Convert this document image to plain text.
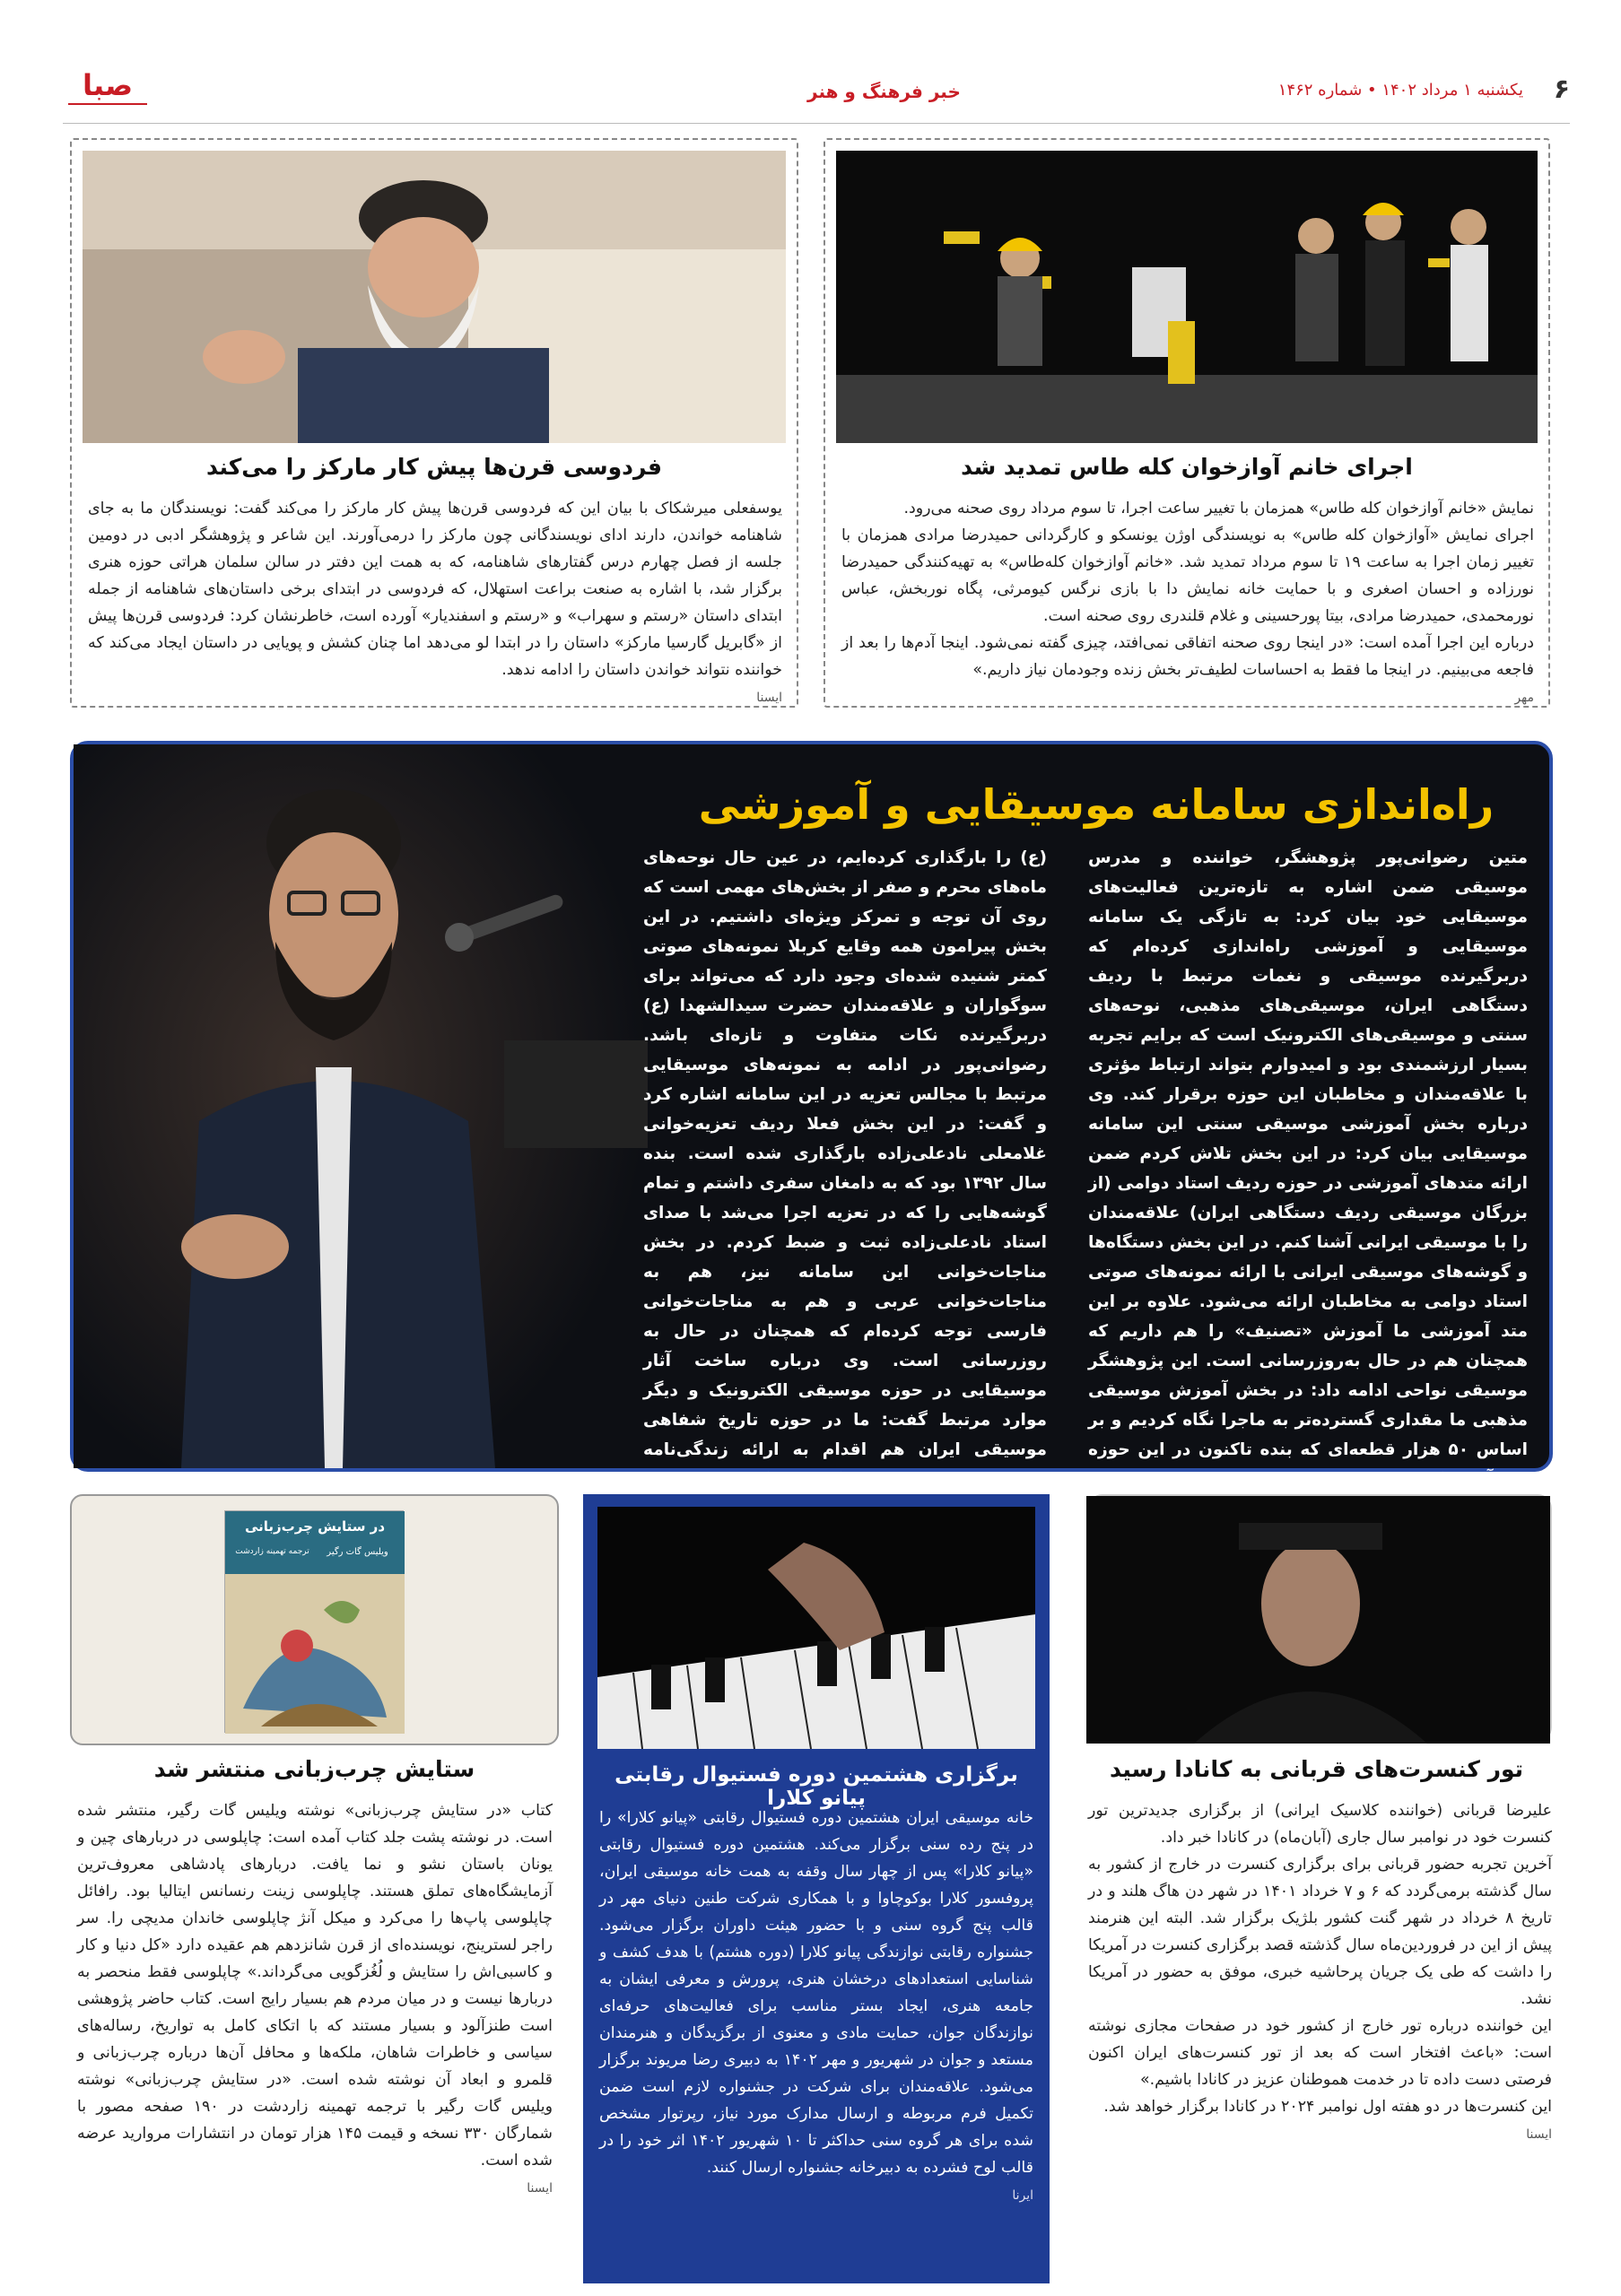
۶
یکشنبه ۱ مرداد ۱۴۰۲ • شماره ۱۴۶۲
خبر فرهنگ و هنر
صبا
اجرای خانم آوازخوان کله طاس تمدید شد

نمایش «خانم آوازخوان کله طاس» همزمان با تغییر ساعت اجرا، تا سوم مرداد روی صحنه می‌رود.

اجرای نمایش «آوازخوان کله طاس» به نویسندگی اوژن یونسکو و کارگردانی حمیدرضا مرادی همزمان با تغییر زمان اجرا به ساعت ۱۹ تا سوم مرداد تمدید شد. «خانم آوازخوان کله‌طاس» به تهیه‌کنندگی حمیدرضا نورزاده و احسان اصغری و با حمایت خانه نمایش دا با بازی نرگس کیومرثی، پگاه نوربخش، عباس نورمحمدی، حمیدرضا مرادی، بیتا پورحسینی و غلام قلندری روی صحنه است.

درباره این اجرا آمده است: «در اینجا روی صحنه اتفاقی نمی‌افتد، چیزی گفته نمی‌شود. اینجا آدم‌ها را بعد از فاجعه می‌بینیم. در اینجا ما فقط به احساسات لطیف‌تر بخش زنده وجودمان نیاز داریم.»

مهر
فردوسی قرن‌ها پیش کار مارکز را می‌کند

یوسفعلی میرشکاک با بیان این که فردوسی قرن‌ها پیش کار مارکز را می‌کند گفت: نویسندگان ما به جای شاهنامه خواندن، دارند ادای نویسندگانی چون مارکز را درمی‌آورند. این شاعر و پژوهشگر ادبی در دومین جلسه از فصل چهارم درس گفتارهای شاهنامه، که به همت این دفتر در سالن سلمان هراتی حوزه هنری برگزار شد، با اشاره به صنعت براعت استهلال، که فردوسی در ابتدای برخی داستان‌های شاهنامه از جمله ابتدای داستان «رستم و سهراب» و «رستم و اسفندیار» آورده است، خاطرنشان کرد: فردوسی قرن‌ها پیش از «گابریل گارسیا مارکز» داستان را در ابتدا لو می‌دهد اما چنان کشش و پویایی در داستان ایجاد می‌کند که خواننده نتواند خواندن داستان را ادامه ندهد.

ایسنا
راه‌اندازی سامانه موسیقایی و آموزشی
متین رضوانی‌پور پژوهشگر، خواننده و مدرس موسیقی ضمن اشاره به تازه‌ترین فعالیت‌های موسیقایی خود بیان کرد: به تازگی یک سامانه موسیقایی و آموزشی راه‌اندازی کرده‌ام که دربرگیرنده موسیقی و نغمات مرتبط با ردیف دستگاهی ایران، موسیقی‌های مذهبی، نوحه‌های سنتی و موسیقی‌های الکترونیک است که برایم تجربه بسیار ارزشمندی بود و امیدوارم بتواند ارتباط مؤثری با علاقه‌مندان و مخاطبان این حوزه برقرار کند. وی درباره بخش آموزشی موسیقی سنتی این سامانه موسیقایی بیان کرد: در این بخش تلاش کردم ضمن ارائه متدهای آموزشی در حوزه ردیف استاد دوامی (از بزرگان موسیقی ردیف دستگاهی ایران) علاقه‌مندان را با موسیقی ایرانی آشنا کنم. در این بخش دستگاه‌ها و گوشه‌های موسیقی ایرانی با ارائه نمونه‌های صوتی استاد دوامی به مخاطبان ارائه می‌شود. علاوه بر این متد آموزشی ما آموزش «تصنیف» را هم داریم که همچنان هم در حال به‌روزرسانی است. این پژوهشگر موسیقی نواحی ادامه داد: در بخش آموزش موسیقی مذهبی ما مقداری گسترده‌تر به ماجرا نگاه کردیم و بر اساس ۵۰ هزار قطعه‌ای که بنده تاکنون در این حوزه جمع‌آوری کرده‌ام، الحان و نغمات مذهبی از سراسر
(ع) را بارگذاری کرده‌ایم، در عین حال نوحه‌های ماه‌های محرم و صفر از بخش‌های مهمی است که روی آن توجه و تمرکز ویژه‌ای داشتیم. در این بخش پیرامون همه وقایع کربلا نمونه‌های صوتی کمتر شنیده شده‌ای وجود دارد که می‌تواند برای سوگواران و علاقه‌مندان حضرت سیدالشهدا (ع) دربرگیرنده نکات متفاوت و تازه‌ای باشد. رضوانی‌پور در ادامه به نمونه‌های موسیقایی مرتبط با مجالس تعزیه در این سامانه اشاره کرد و گفت: در این بخش فعلا ردیف تعزیه‌خوانی غلامعلی نادعلی‌زاده بارگذاری شده است. بنده سال ۱۳۹۲ بود که به دامغان سفری داشتم و تمام گوشه‌هایی را که در تعزیه اجرا می‌شد با صدای استاد نادعلی‌زاده ثبت و ضبط کردم. در بخش مناجات‌خوانی این سامانه نیز، هم به مناجات‌خوانی عربی و هم به مناجات‌خوانی فارسی توجه کرده‌ام که همچنان در حال به روزرسانی است. وی درباره ساخت آثار موسیقایی در حوزه موسیقی الکترونیک و دیگر موارد مرتبط گفت: ما در حوزه تاریخ شفاهی موسیقی ایران هم اقدام به ارائه زندگی‌نامه استادان موسیقی ایران کرده‌ایم که به تدریج در
تور کنسرت‌های قربانی به کانادا رسید

علیرضا قربانی (خواننده کلاسیک ایرانی) از برگزاری جدیدترین تور کنسرت خود در نوامبر سال جاری (آبان‌ماه) در کانادا خبر داد.

آخرین تجربه حضور قربانی برای برگزاری کنسرت در خارج از کشور به سال گذشته برمی‌گردد که ۶ و ۷ خرداد ۱۴۰۱ در شهر دن هاگ هلند و در تاریخ ۸ خرداد در شهر گنت کشور بلژیک برگزار شد. البته این هنرمند پیش از این در فروردین‌ماه سال گذشته قصد برگزاری کنسرت در آمریکا را داشت که طی یک جریان پرحاشیه خبری، موفق به حضور در آمریکا نشد.

این خواننده درباره تور خارج از کشور خود در صفحات مجازی نوشته است: «باعث افتخار است که بعد از تور کنسرت‌های ایران اکنون فرصتی دست داده تا در خدمت هموطنان عزیز در کانادا باشیم.»

این کنسرت‌ها در دو هفته اول نوامبر ۲۰۲۴ در کانادا برگزار خواهد شد.

ایسنا
برگزاری هشتمین دوره فستیوال رقابتی پیانو کلارا

خانه موسیقی ایران هشتمین دوره فستیوال رقابتی «پیانو کلارا» را در پنج رده سنی برگزار می‌کند. هشتمین دوره فستیوال رقابتی «پیانو کلارا» پس از چهار سال وقفه به همت خانه موسیقی ایران، پروفسور کلارا بوکوچاوا و با همکاری شرکت طنین دنیای مهر در قالب پنج گروه سنی و با حضور هیئت داوران برگزار می‌شود. جشنواره رقابتی نوازندگی پیانو کلارا (دوره هشتم) با هدف کشف و شناسایی استعدادهای درخشان هنری، پرورش و معرفی ایشان به جامعه هنری، ایجاد بستر مناسب برای فعالیت‌های حرفه‌ای نوازندگان جوان، حمایت مادی و معنوی از برگزیدگان و هنرمندان مستعد و جوان در شهریور و مهر ۱۴۰۲ به دبیری رضا مریوند برگزار می‌شود. علاقه‌مندان برای شرکت در جشنواره لازم است ضمن تکمیل فرم مربوطه و ارسال مدارک مورد نیاز، رپرتوار مشخص شده برای هر گروه سنی حداکثر تا ۱۰ شهریور ۱۴۰۲ اثر خود را در قالب لوح فشرده به دبیرخانه جشنواره ارسال کنند.

ایرنا
در ستایش چرب‌زبانی
ویلیس گات رگیر
ترجمه تهمینه زاردشت
ستایش چرب‌زبانی منتشر شد

کتاب «در ستایش چرب‌زبانی» نوشته ویلیس گات رگیر، منتشر شده است. در نوشته پشت جلد کتاب آمده است: چاپلوسی در دربارهای چین و یونان باستان نشو و نما یافت. دربارهای پادشاهی معروف‌ترین آزمایشگاه‌های تملق هستند. چاپلوسی زینت رنسانس ایتالیا بود. رافائل چاپلوسی پاپ‌ها را می‌کرد و میکل آنژ چاپلوسی خاندان مدیچی را. سر راجر لسترینج، نویسنده‌ای از قرن شانزدهم هم عقیده دارد «کل دنیا و کار و کاسبی‌اش را ستایش و لُغُزگویی می‌گرداند.» چاپلوسی فقط منحصر به دربارها نیست و در میان مردم هم بسیار رایج است. کتاب حاضر پژوهشی است طنزآلود و بسیار مستند که با اتکای کامل به تواریخ، رساله‌های سیاسی و خاطرات شاهان، ملکه‌ها و محافل آن‌ها درباره چرب‌زبانی و قلمرو و ابعاد آن نوشته شده است. «در ستایش چرب‌زبانی» نوشته ویلیس گات رگیر با ترجمه تهمینه زاردشت در ۱۹۰ صفحه مصور با شمارگان ۳۳۰ نسخه و قیمت ۱۴۵ هزار تومان در انتشارات مروارید عرضه شده است.

ایسنا
